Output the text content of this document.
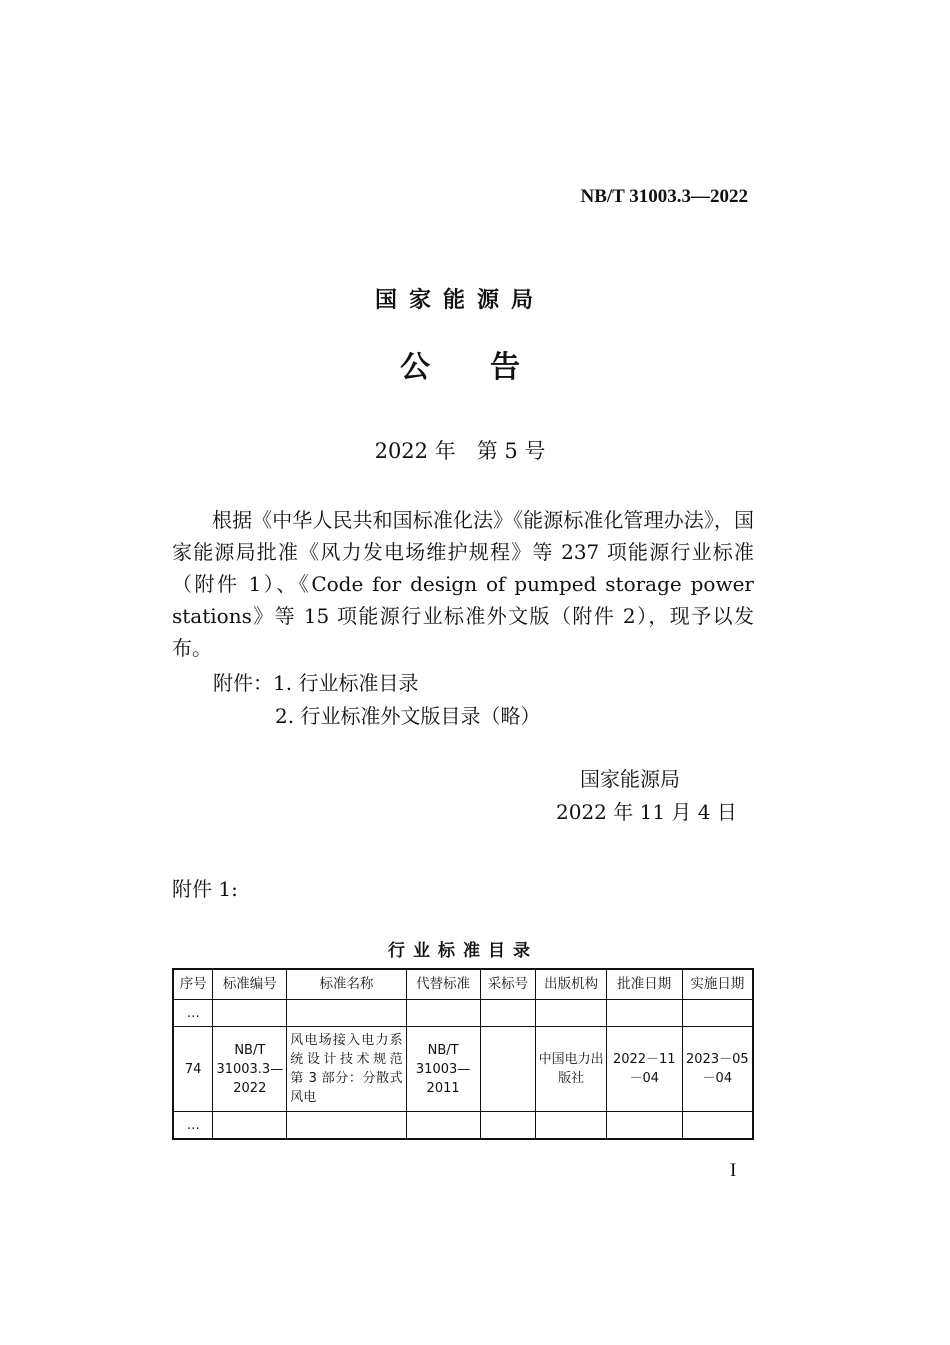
NB/T 31003.3—2022
国家能源局
公 告
2022 年　第 5 号

根据《中华人民共和国标准化法》《能源标准化管理办法》，国家能源局批准《风力发电场维护规程》等 237 项能源行业标准（附件 1）、《Code for design of pumped storage power stations》等 15 项能源行业标准外文版（附件 2），现予以发布。

附件：1. 行业标准目录
2. 行业标准外文版目录（略）
国家能源局
2022 年 11 月 4 日
附件 1:
行业标准目录
序号	标准编号	标准名称	代替标准	采标号	出版机构	批准日期	实施日期
…							
74	NB/T 31003.3—2022	风电场接入电力系统设计技术规范　第 3 部分：分散式风电	NB/T 31003—2011		中国电力出版社	2022－11－04	2023－05－04
…							
I
